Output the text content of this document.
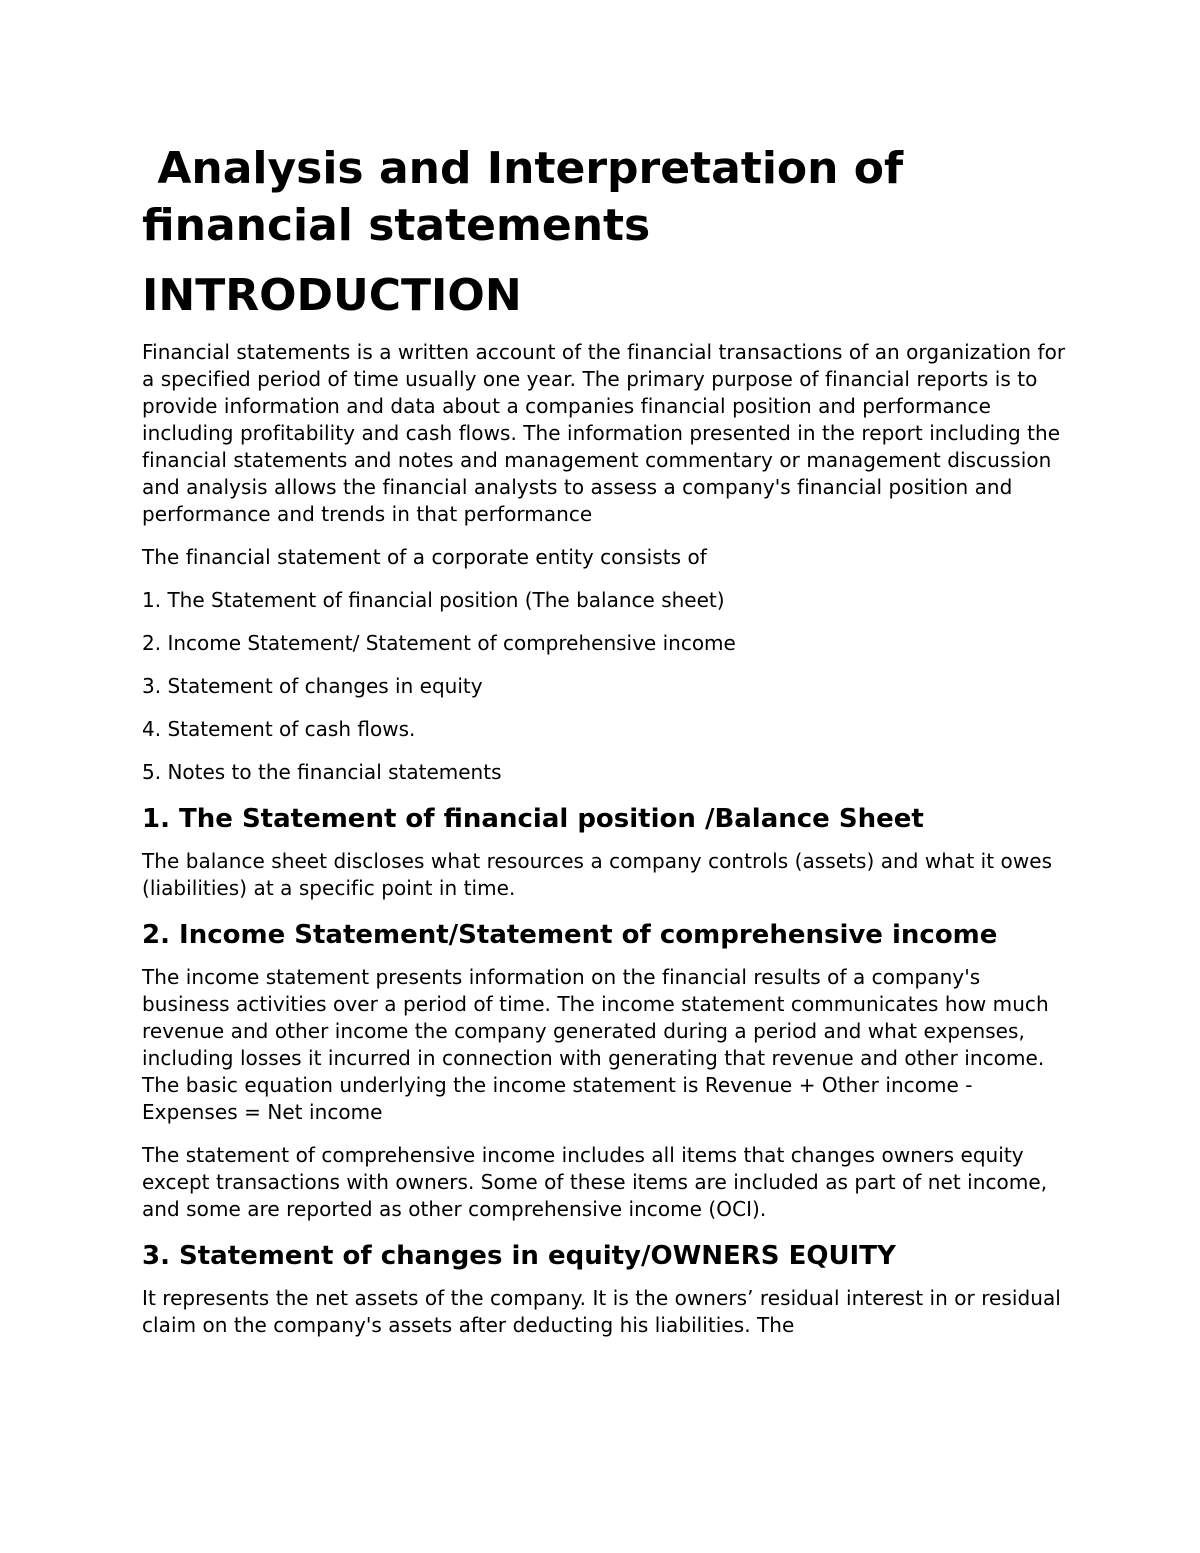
Analysis and Interpretation of financial statements
INTRODUCTION

Financial statements is a written account of the financial transactions of an organization for a specified period of time usually one year. The primary purpose of financial reports is to provide information and data about a companies financial position and performance including profitability and cash flows. The information presented in the report including the financial statements and notes and management commentary or management discussion and analysis allows the financial analysts to assess a company's financial position and performance and trends in that performance

The financial statement of a corporate entity consists of

1. The Statement of financial position (The balance sheet)

2. Income Statement/ Statement of comprehensive income

3. Statement of changes in equity

4. Statement of cash flows.

5. Notes to the financial statements

1. The Statement of financial position /Balance Sheet

The balance sheet discloses what resources a company controls (assets) and what it owes (liabilities) at a specific point in time.

2. Income Statement/Statement of comprehensive income

The income statement presents information on the financial results of a company's business activities over a period of time. The income statement communicates how much revenue and other income the company generated during a period and what expenses, including losses it incurred in connection with generating that revenue and other income. The basic equation underlying the income statement is Revenue + Other income - Expenses = Net income

The statement of comprehensive income includes all items that changes owners equity except transactions with owners. Some of these items are included as part of net income, and some are reported as other comprehensive income (OCI).

3. Statement of changes in equity/OWNERS EQUITY

It represents the net assets of the company. It is the owners’ residual interest in or residual claim on the company's assets after deducting his liabilities. The
